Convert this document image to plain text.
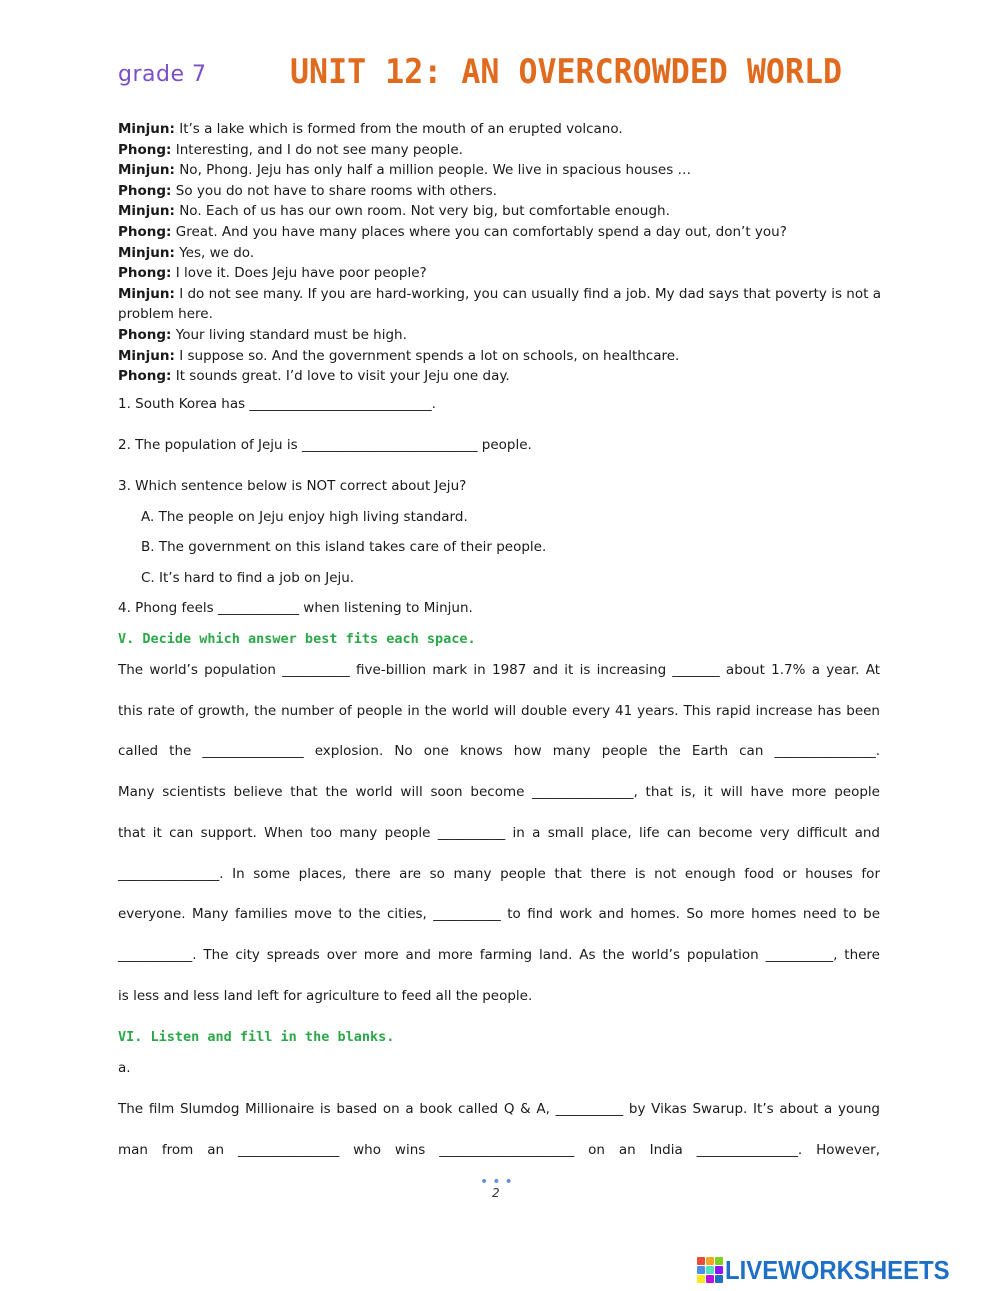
grade 7 UNIT 12: AN OVERCROWDED WORLD

Minjun: It’s a lake which is formed from the mouth of an erupted volcano.

Phong: Interesting, and I do not see many people.

Minjun: No, Phong. Jeju has only half a million people. We live in spacious houses …

Phong: So you do not have to share rooms with others.

Minjun: No. Each of us has our own room. Not very big, but comfortable enough.

Phong: Great. And you have many places where you can comfortably spend a day out, don’t you?

Minjun: Yes, we do.

Phong: I love it. Does Jeju have poor people?

Minjun: I do not see many. If you are hard-working, you can usually find a job. My dad says that poverty is not a problem here.

Phong: Your living standard must be high.

Minjun: I suppose so. And the government spends a lot on schools, on healthcare.

Phong: It sounds great. I’d love to visit your Jeju one day.

1. South Korea has ___________________________.
2. The population of Jeju is __________________________ people.
3. Which sentence below is NOT correct about Jeju?
A. The people on Jeju enjoy high living standard.
B. The government on this island takes care of their people.
C. It’s hard to find a job on Jeju.
4. Phong feels ____________ when listening to Minjun.
V. Decide which answer best fits each space.
The world’s population __________ five-billion mark in 1987 and it is increasing _______ about 1.7% a year. At
this rate of growth, the number of people in the world will double every 41 years. This rapid increase has been
called the _______________ explosion. No one knows how many people the Earth can _______________.
Many scientists believe that the world will soon become _______________, that is, it will have more people
that it can support. When too many people __________ in a small place, life can become very difficult and
_______________. In some places, there are so many people that there is not enough food or houses for
everyone. Many families move to the cities, __________ to find work and homes. So more homes need to be
___________. The city spreads over more and more farming land. As the world’s population __________, there
is less and less land left for agriculture to feed all the people.
VI. Listen and fill in the blanks.
a.
The film Slumdog Millionaire is based on a book called Q & A, __________ by Vikas Swarup. It’s about a young
man from an _______________ who wins ____________________ on an India _______________. However,
•••
2
LIVEWORKSHEETS
